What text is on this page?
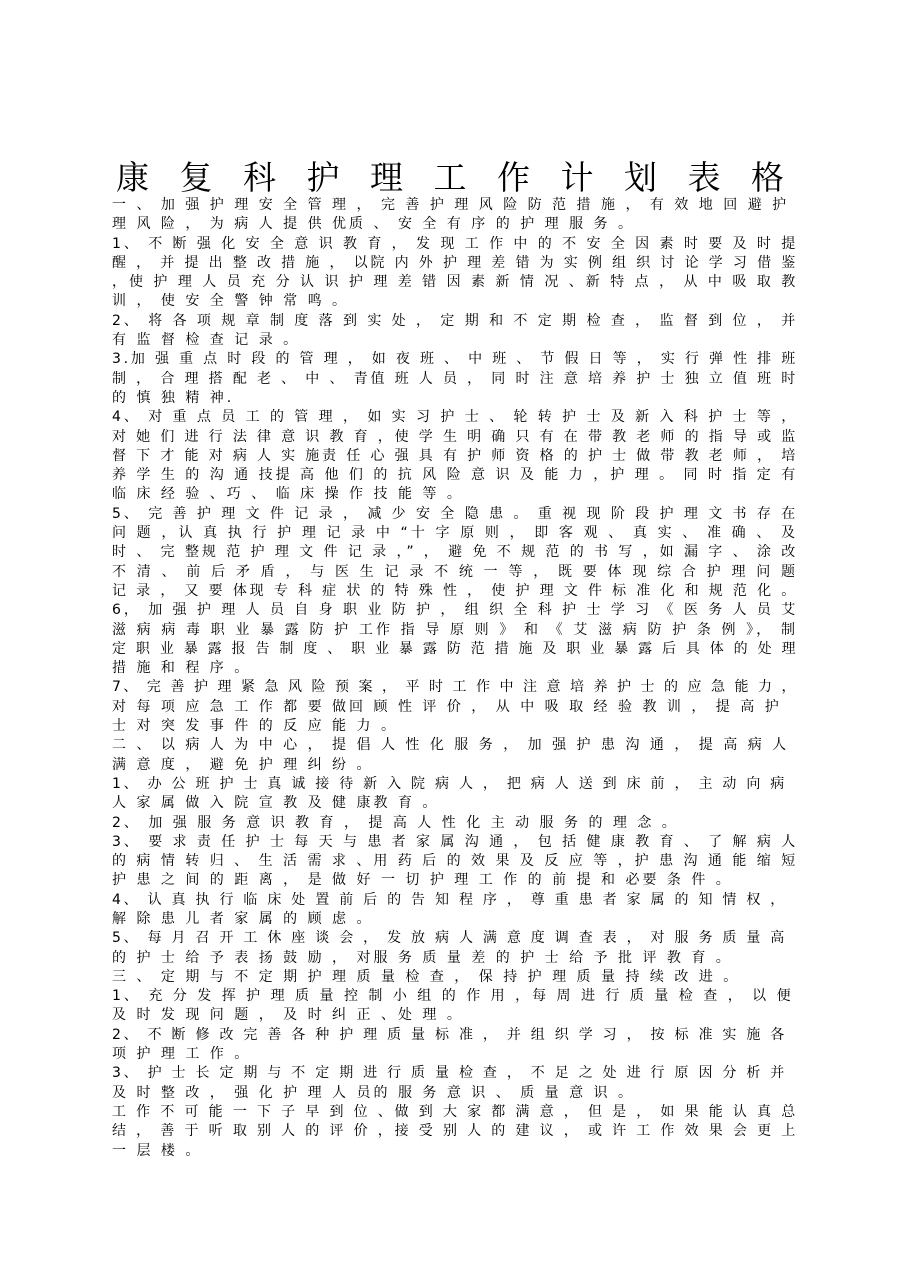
康 复 科 护 理 工 作 计 划 表 格
一 、 加 强 护 理 安 全 管 理 ， 完 善 护 理 风 险 防 范 措 施 ， 有 效 地 回 避 护
理 风 险 ， 为 病 人 提 供 优质 、 安 全 有 序 的 护 理 服 务 。
1、 不 断 强 化 安 全 意 识 教 育 ， 发 现 工 作 中 的 不 安 全 因 素 时 要 及 时 提
醒 ， 并 提 出 整 改 措 施 ， 以院 内 外 护 理 差 错 为 实 例 组 织 讨 论 学 习 借 鉴
，使 护 理 人 员 充 分 认 识 护 理 差 错 因 素 新 情 况 、新 特 点 ， 从 中 吸 取 教
训 ， 使 安 全 警 钟 常 鸣 。
2、 将 各 项 规 章 制 度 落 到 实 处 ， 定 期 和 不 定 期 检 查 ， 监 督 到 位 ， 并
有 监 督 检 查 记 录 。
3.加 强 重 点 时 段 的 管 理 ， 如 夜 班 、 中 班 、 节 假 日 等 ， 实 行 弹 性 排 班
制 ， 合 理 搭 配 老 、 中 、 青值 班 人 员 ， 同 时 注 意 培 养 护 士 独 立 值 班 时
的 慎 独 精 神.
4、 对 重 点 员 工 的 管 理 ， 如 实 习 护 士 、 轮 转 护 士 及 新 入 科 护 士 等 ，
对 她 们 进 行 法 律 意 识 教 育 ，使 学 生 明 确 只 有 在 带 教 老 师 的 指 导 或 监
督 下 才 能 对 病 人 实 施责 任 心 强 具 有 护 师 资 格 的 护 士 做 带 教 老 师 ， 培
养 学 生 的 沟 通 技提 高 他 们 的 抗 风 险 意 识 及 能 力 ，护 理 。 同 时 指 定 有
临 床 经 验 、巧 、 临 床 操 作 技 能 等 。
5、 完 善 护 理 文 件 记 录 ， 减 少 安 全 隐 患 。 重 视 现 阶 段 护 理 文 书 存 在
问 题 ，认 真 执 行 护 理 记 录 中 “十 字 原 则 ， 即 客 观 、 真 实 、 准 确 、 及
时 、 完 整规 范 护 理 文 件 记 录 ，” ， 避 免 不 规 范 的 书 写 ，如 漏 字 、 涂 改
不 清 、 前 后 矛 盾 ， 与 医 生 记 录 不 统 一 等 ， 既 要 体 现 综 合 护 理 问 题
记 录 ， 又 要 体现 专 科 症 状 的 特 殊 性 ， 使 护 理 文 件 标 准 化 和 规 范 化 。
6， 加 强 护 理 人 员 自 身 职 业 防 护 ， 组 织 全 科 护 士 学 习 《 医 务 人 员 艾
滋 病 病 毒 职 业 暴 露 防 护 工作 指 导 原 则 》 和 《 艾 滋 病 防 护 条 例 》， 制
定 职 业 暴 露 报 告 制 度 、 职 业 暴 露 防 范 措 施 及 职 业 暴 露 后 具 体 的 处 理
措 施 和 程 序 。
7、 完 善 护 理 紧 急 风 险 预 案 ， 平 时 工 作 中 注 意 培 养 护 士 的 应 急 能 力 ，
对 每 项 应 急 工 作 都 要 做回 顾 性 评 价 ， 从 中 吸 取 经 验 教 训 ， 提 高 护
士 对 突 发 事 件 的 反 应 能 力 。
二 、 以 病 人 为 中 心 ， 提 倡 人 性 化 服 务 ， 加 强 护 患 沟 通 ， 提 高 病 人
满 意 度 ， 避 免 护 理 纠 纷 。
1、 办 公 班 护 士 真 诚 接 待 新 入 院 病 人 ， 把 病 人 送 到 床 前 ， 主 动 向 病
人 家 属 做 入 院 宣 教 及 健 康教 育 。
2、 加 强 服 务 意 识 教 育 ， 提 高 人 性 化 主 动 服 务 的 理 念 。
3、 要 求 责 任 护 士 每 天 与 患 者 家 属 沟 通 ， 包 括 健 康 教 育 、 了 解 病 人
的 病 情 转 归 、 生 活 需 求 、用 药 后 的 效 果 及 反 应 等 ，护 患 沟 通 能 缩 短
护 患 之 间 的 距 离 ， 是 做 好 一 切 护 理 工 作 的 前 提 和 必要 条 件 。
4、 认 真 执 行 临 床 处 置 前 后 的 告 知 程 序 ， 尊 重 患 者 家 属 的 知 情 权 ，
解 除 患 儿 者 家 属 的 顾 虑 。
5、 每 月 召 开 工 休 座 谈 会 ， 发 放 病 人 满 意 度 调 查 表 ， 对 服 务 质 量 高
的 护 士 给 予 表 扬 鼓 励 ， 对服 务 质 量 差 的 护 士 给 予 批 评 教 育 。
三 、 定 期 与 不 定 期 护 理 质 量 检 查 ， 保 持 护 理 质 量 持 续 改 进 。
1、 充 分 发 挥 护 理 质 量 控 制 小 组 的 作 用 ，每 周 进 行 质 量 检 查 ， 以 便
及 时 发 现 问 题 ， 及 时 纠 正 、处 理 。
2、 不 断 修 改 完 善 各 种 护 理 质 量 标 准 ， 并 组 织 学 习 ， 按 标 准 实 施 各
项 护 理 工 作 。
3、 护 士 长 定 期 与 不 定 期 进 行 质 量 检 查 ， 不 足 之 处 进 行 原 因 分 析 并
及 时 整 改 ， 强 化 护 理 人 员的 服 务 意 识 、 质 量 意 识 。
工 作 不 可 能 一 下 子 早 到 位 、做 到 大 家 都 满 意 ， 但 是 ， 如 果 能 认 真 总
结 ， 善 于 听 取 别 人 的 评 价 ，接 受 别 人 的 建 议 ， 或 许 工 作 效 果 会 更 上
一 层 楼 。
